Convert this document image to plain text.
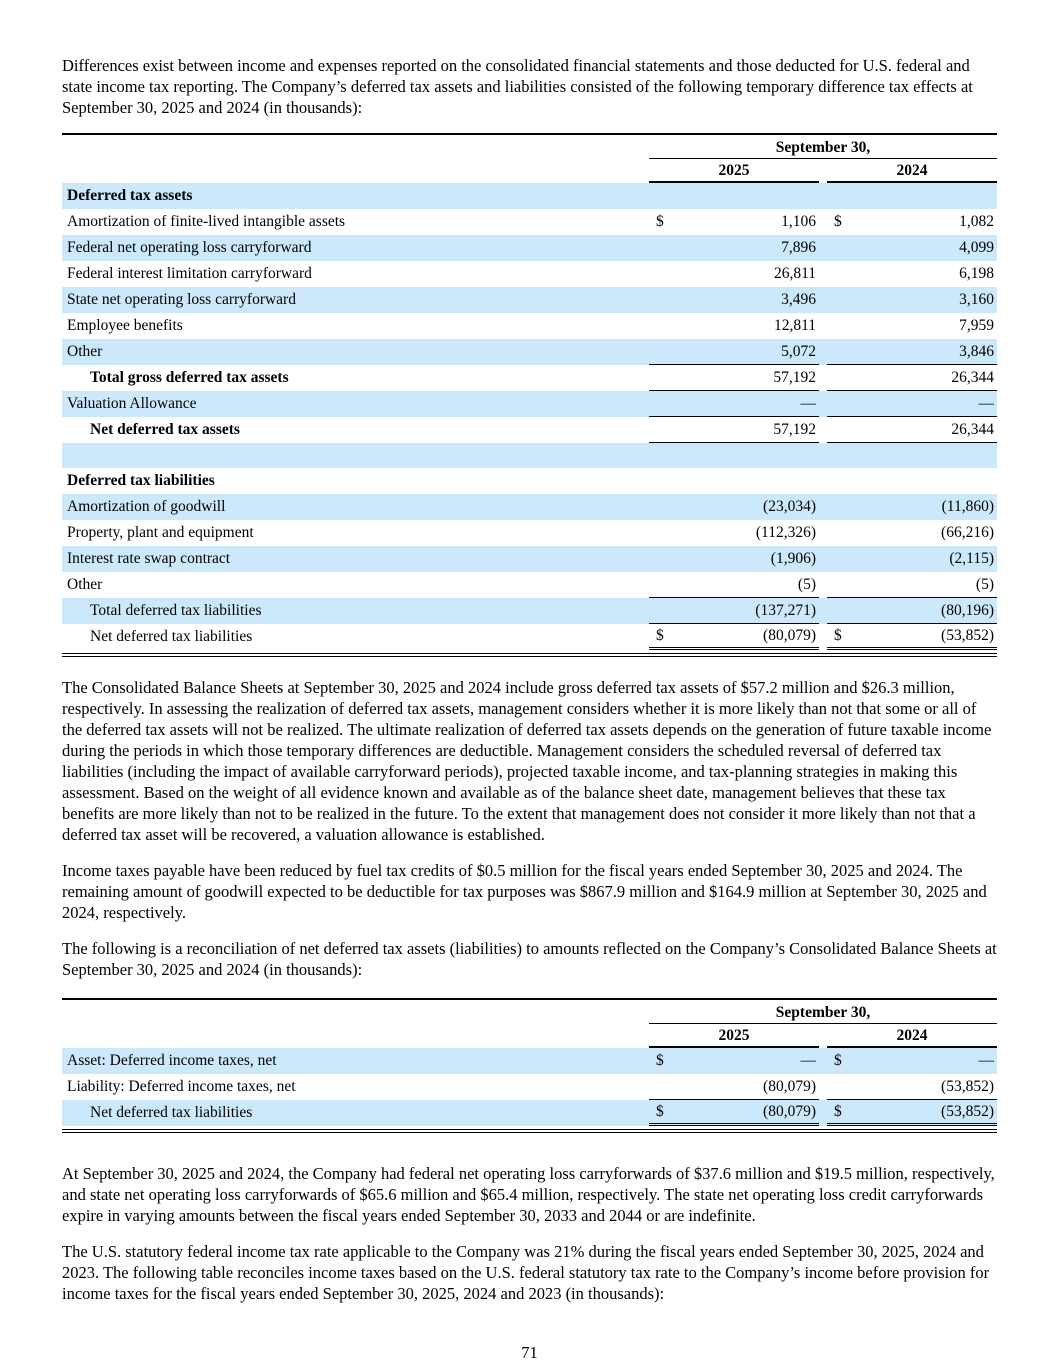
Differences exist between income and expenses reported on the consolidated financial statements and those deducted for U.S. federal and state income tax reporting. The Company’s deferred tax assets and liabilities consisted of the following temporary difference tax effects at September 30, 2025 and 2024 (in thousands):

September 30,
2025	2024
Deferred tax assets
Amortization of finite-lived intangible assets	$	1,106 $	1,082
Federal net operating loss carryforward	7,896	4,099
Federal interest limitation carryforward	26,811	6,198
State net operating loss carryforward	3,496	3,160
Employee benefits	12,811	7,959
Other	5,072	3,846
Total gross deferred tax assets	57,192	26,344
Valuation Allowance	—	—
Net deferred tax assets	57,192	26,344
Deferred tax liabilities
Amortization of goodwill	(23,034)	(11,860)
Property, plant and equipment	(112,326)	(66,216)
Interest rate swap contract	(1,906)	(2,115)
Other	(5)	(5)
Total deferred tax liabilities	(137,271)	(80,196)
Net deferred tax liabilities	$	(80,079) $	(53,852)

The Consolidated Balance Sheets at September 30, 2025 and 2024 include gross deferred tax assets of $57.2 million and $26.3 million, respectively. In assessing the realization of deferred tax assets, management considers whether it is more likely than not that some or all of the deferred tax assets will not be realized. The ultimate realization of deferred tax assets depends on the generation of future taxable income during the periods in which those temporary differences are deductible. Management considers the scheduled reversal of deferred tax liabilities (including the impact of available carryforward periods), projected taxable income, and tax-planning strategies in making this assessment. Based on the weight of all evidence known and available as of the balance sheet date, management believes that these tax benefits are more likely than not to be realized in the future. To the extent that management does not consider it more likely than not that a deferred tax asset will be recovered, a valuation allowance is established.

Income taxes payable have been reduced by fuel tax credits of $0.5 million for the fiscal years ended September 30, 2025 and 2024. The remaining amount of goodwill expected to be deductible for tax purposes was $867.9 million and $164.9 million at September 30, 2025 and 2024, respectively.

The following is a reconciliation of net deferred tax assets (liabilities) to amounts reflected on the Company’s Consolidated Balance Sheets at September 30, 2025 and 2024 (in thousands):

September 30,
2025	2024
Asset: Deferred income taxes, net	$	— $	—
Liability: Deferred income taxes, net	(80,079)	(53,852)
Net deferred tax liabilities	$	(80,079) $	(53,852)

At September 30, 2025 and 2024, the Company had federal net operating loss carryforwards of $37.6 million and $19.5 million, respectively, and state net operating loss carryforwards of $65.6 million and $65.4 million, respectively. The state net operating loss credit carryforwards expire in varying amounts between the fiscal years ended September 30, 2033 and 2044 or are indefinite.

The U.S. statutory federal income tax rate applicable to the Company was 21% during the fiscal years ended September 30, 2025, 2024 and 2023. The following table reconciles income taxes based on the U.S. federal statutory tax rate to the Company’s income before provision for income taxes for the fiscal years ended September 30, 2025, 2024 and 2023 (in thousands):

71
